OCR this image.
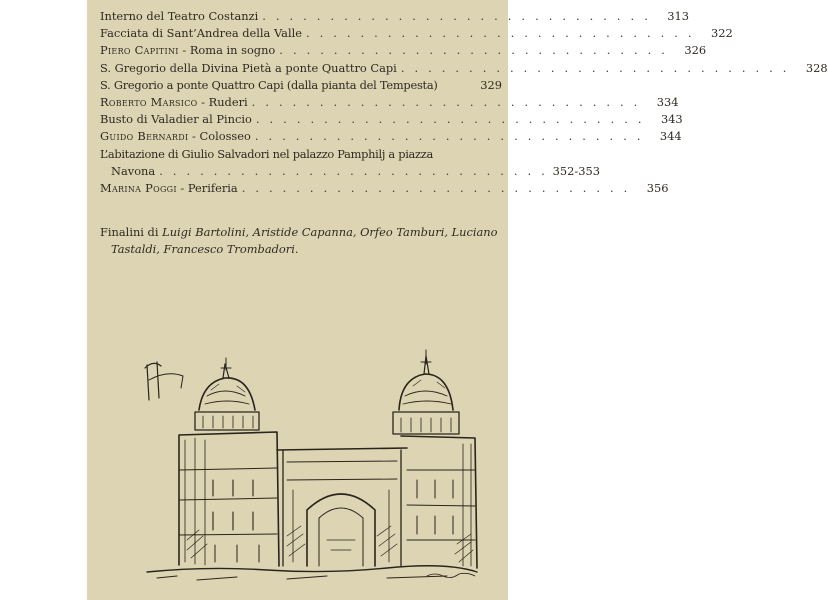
Interno del Teatro Costanzi . . . . . . . . . . . . . . . . . . . . . . . . . . . . .	313
Facciata di Sant’Andrea della Valle . . . . . . . . . . . . . . . . . . . . . . . . . . . . .	322
Piero Capitini - Roma in sogno . . . . . . . . . . . . . . . . . . . . . . . . . . . . .	326
S. Gregorio della Divina Pietà a ponte Quattro Capi . . . . . . . . . . . . . . . . . . . . . . . . . . . . .	328
S. Gregorio a ponte Quattro Capi (dalla pianta del Tempesta)	329
Roberto Marsico - Ruderi . . . . . . . . . . . . . . . . . . . . . . . . . . . . .	334
Busto di Valadier al Pincio . . . . . . . . . . . . . . . . . . . . . . . . . . . . .	343
Guido Bernardi - Colosseo . . . . . . . . . . . . . . . . . . . . . . . . . . . . .	344
L’abitazione di Giulio Salvadori nel palazzo Pamphilj a piazza
Navona . . . . . . . . . . . . . . . . . . . . . . . . . . . . . 352-353
Marina Poggi - Periferia . . . . . . . . . . . . . . . . . . . . . . . . . . . . .	356
Finalini di Luigi Bartolini, Aristide Capanna, Orfeo Tamburi, Luciano
Tastaldi, Francesco Trombadori.
